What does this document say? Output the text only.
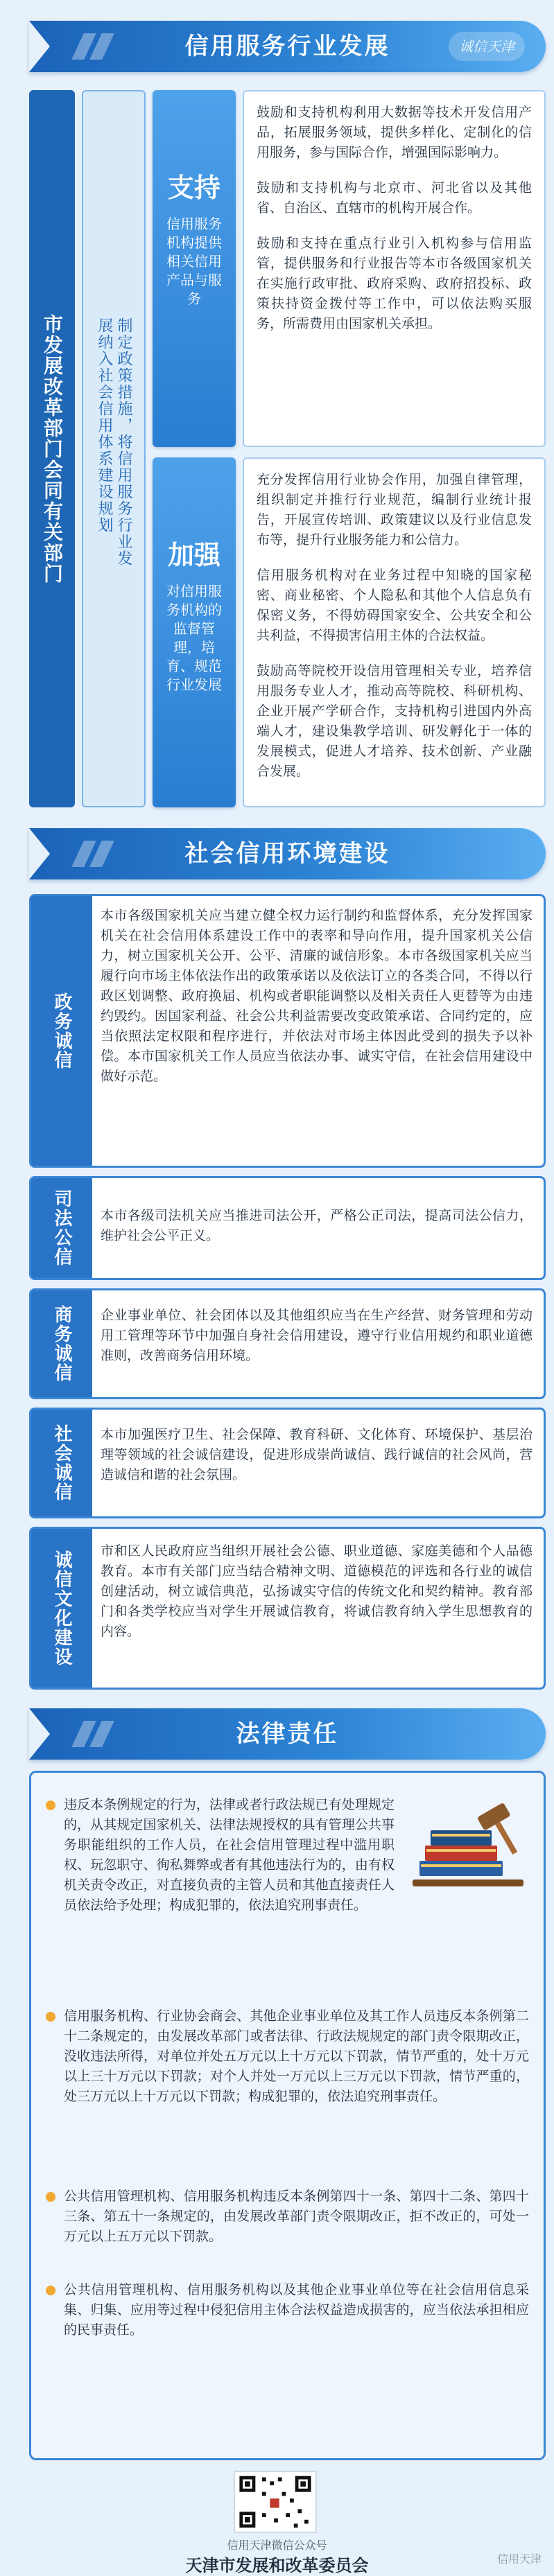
信用服务行业发展	诚信天津
市发展改革部门会同有关部门	制定政策措施，将信用服务行业发展纳入社会信用体系建设规划
支持
信用服务机构提供相关信用产品与服务

鼓励和支持机构利用大数据等技术开发信用产品，拓展服务领域，提供多样化、定制化的信用服务，参与国际合作，增强国际影响力。

鼓励和支持机构与北京市、河北省以及其他省、自治区、直辖市的机构开展合作。

鼓励和支持在重点行业引入机构参与信用监管，提供服务和行业报告等本市各级国家机关在实施行政审批、政府采购、政府招投标、政策扶持资金拨付等工作中，可以依法购买服务，所需费用由国家机关承担。

加强
对信用服务机构的监督管理，培育、规范行业发展

充分发挥信用行业协会作用，加强自律管理，组织制定并推行行业规范，编制行业统计报告，开展宣传培训、政策建议以及行业信息发布等，提升行业服务能力和公信力。

信用服务机构对在业务过程中知晓的国家秘密、商业秘密、个人隐私和其他个人信息负有保密义务，不得妨碍国家安全、公共安全和公共利益，不得损害信用主体的合法权益。

鼓励高等院校开设信用管理相关专业，培养信用服务专业人才，推动高等院校、科研机构、企业开展产学研合作，支持机构引进国内外高端人才，建设集教学培训、研发孵化于一体的发展模式，促进人才培养、技术创新、产业融合发展。

社会信用环境建设
政务诚信
本市各级国家机关应当建立健全权力运行制约和监督体系，充分发挥国家机关在社会信用体系建设工作中的表率和导向作用，提升国家机关公信力，树立国家机关公开、公平、清廉的诚信形象。本市各级国家机关应当履行向市场主体依法作出的政策承诺以及依法订立的各类合同，不得以行政区划调整、政府换届、机构或者职能调整以及相关责任人更替等为由违约毁约。因国家利益、社会公共利益需要改变政策承诺、合同约定的，应当依照法定权限和程序进行，并依法对市场主体因此受到的损失予以补偿。本市国家机关工作人员应当依法办事、诚实守信，在社会信用建设中做好示范。
司法公信 本市各级司法机关应当推进司法公开，严格公正司法，提高司法公信力，维护社会公平正义。
商务诚信 企业事业单位、社会团体以及其他组织应当在生产经营、财务管理和劳动用工管理等环节中加强自身社会信用建设，遵守行业信用规约和职业道德准则，改善商务信用环境。
社会诚信 本市加强医疗卫生、社会保障、教育科研、文化体育、环境保护、基层治理等领域的社会诚信建设，促进形成崇尚诚信、践行诚信的社会风尚，营造诚信和谐的社会氛围。
诚信文化建设 市和区人民政府应当组织开展社会公德、职业道德、家庭美德和个人品德教育。本市有关部门应当结合精神文明、道德模范的评选和各行业的诚信创建活动，树立诚信典范，弘扬诚实守信的传统文化和契约精神。教育部门和各类学校应当对学生开展诚信教育，将诚信教育纳入学生思想教育的内容。
法律责任
违反本条例规定的行为，法律或者行政法规已有处理规定的，从其规定国家机关、法律法规授权的具有管理公共事务职能组织的工作人员，在社会信用管理过程中滥用职权、玩忽职守、徇私舞弊或者有其他违法行为的，由有权机关责令改正，对直接负责的主管人员和其他直接责任人员依法给予处理；构成犯罪的，依法追究刑事责任。
信用服务机构、行业协会商会、其他企业事业单位及其工作人员违反本条例第二十二条规定的，由发展改革部门或者法律、行政法规规定的部门责令限期改正，没收违法所得，对单位并处五万元以上十万元以下罚款，情节严重的，处十万元以上三十万元以下罚款；对个人并处一万元以上三万元以下罚款，情节严重的，处三万元以上十万元以下罚款；构成犯罪的，依法追究刑事责任。
公共信用管理机构、信用服务机构违反本条例第四十一条、第四十二条、第四十三条、第五十一条规定的，由发展改革部门责令限期改正，拒不改正的，可处一万元以上五万元以下罚款。
公共信用管理机构、信用服务机构以及其他企业事业单位等在社会信用信息采集、归集、应用等过程中侵犯信用主体合法权益造成损害的，应当依法承担相应的民事责任。
信用天津微信公众号
天津市发展和改革委员会	信用天津
